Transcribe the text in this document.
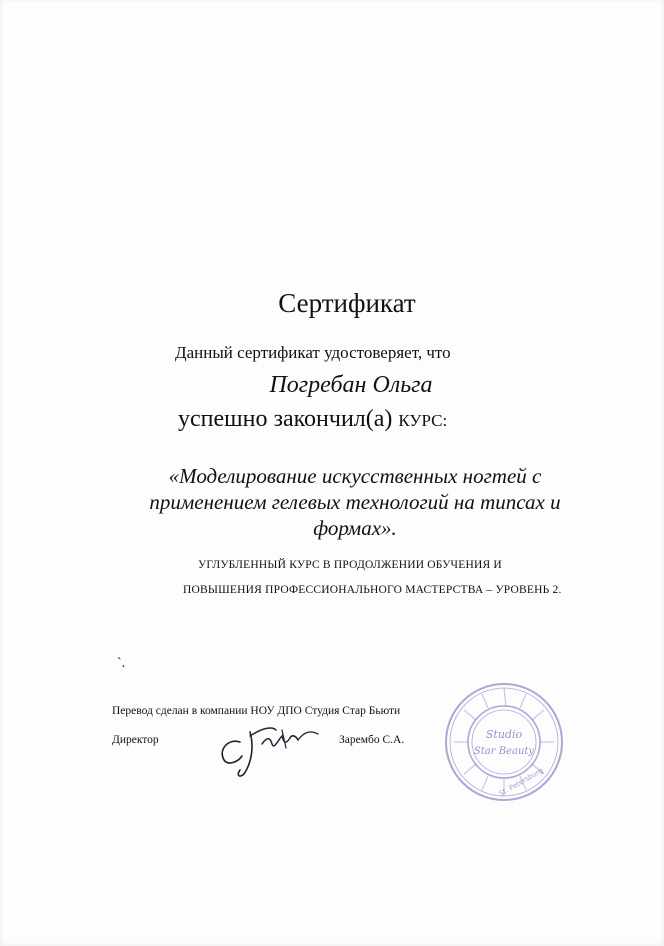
Сертификат
Данный сертификат удостоверяет, что
Погребан Ольга
успешно закончил(а) КУРС:
«Моделирование искусственных ногтей с
применением гелевых технологий на типсах и
формах».
УГЛУБЛЕННЫЙ КУРС В ПРОДОЛЖЕНИИ ОБУЧЕНИЯ И
ПОВЫШЕНИЯ ПРОФЕССИОНАЛЬНОГО МАСТЕРСТВА – УРОВЕНЬ 2.
`.
Перевод сделан в компании НОУ ДПО Студия Стар Бьюти
Директор	Зарембо С.А.	Studio
Star Beauty
St. Petersburg
